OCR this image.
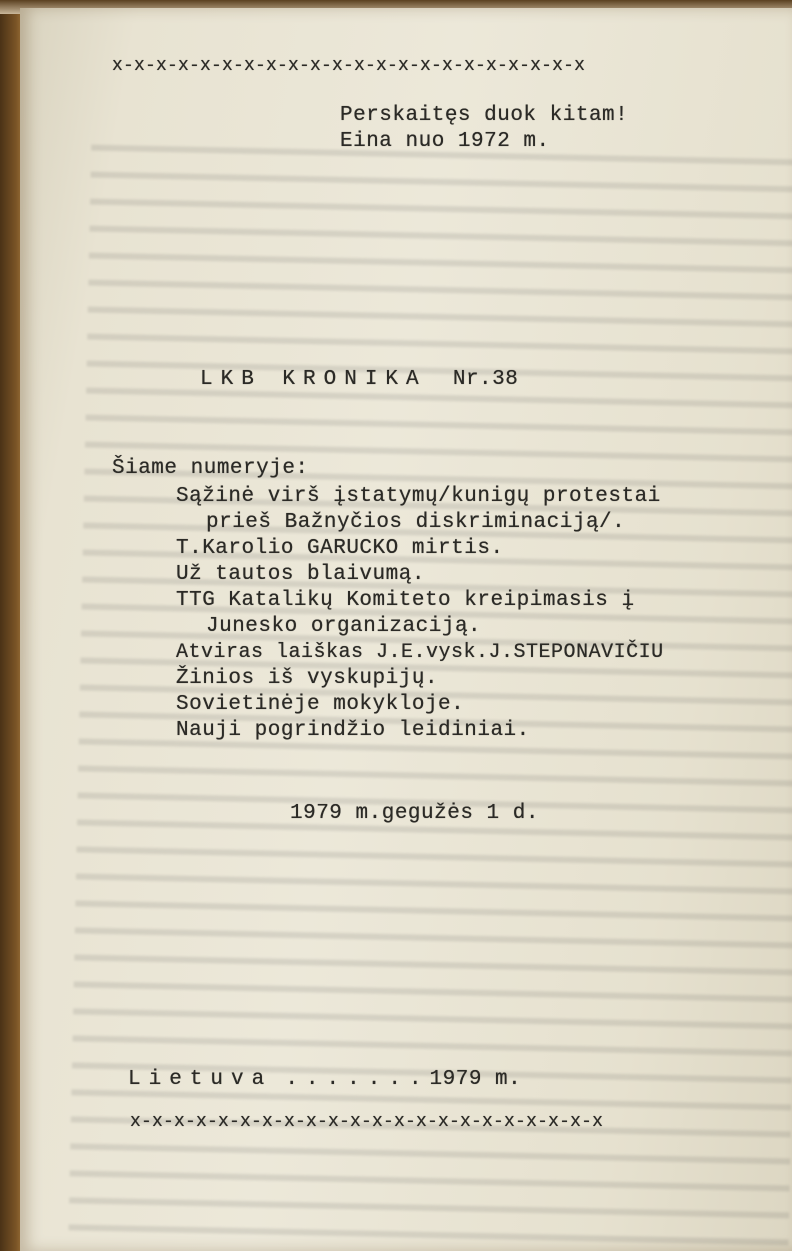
x-x-x-x-x-x-x-x-x-x-x-x-x-x-x-x-x-x-x-x-x-x
Perskaitęs duok kitam!
Eina nuo 1972 m.
LKB KRONIKA Nr.38
Šiame numeryje:
Sąžinė virš įstatymų/kunigų protestai
prieš Bažnyčios diskriminaciją/.
T.Karolio GARUCKO mirtis.
Už tautos blaivumą.
TTG Katalikų Komiteto kreipimasis į
Junesko organizaciją.
Atviras laiškas J.E.vysk.J.STEPONAVIČIU
Žinios iš vyskupijų.
Sovietinėje mokykloje.
Nauji pogrindžio leidiniai.
1979 m.gegužės 1 d.
Lietuva .......1979 m.
x-x-x-x-x-x-x-x-x-x-x-x-x-x-x-x-x-x-x-x-x-x
